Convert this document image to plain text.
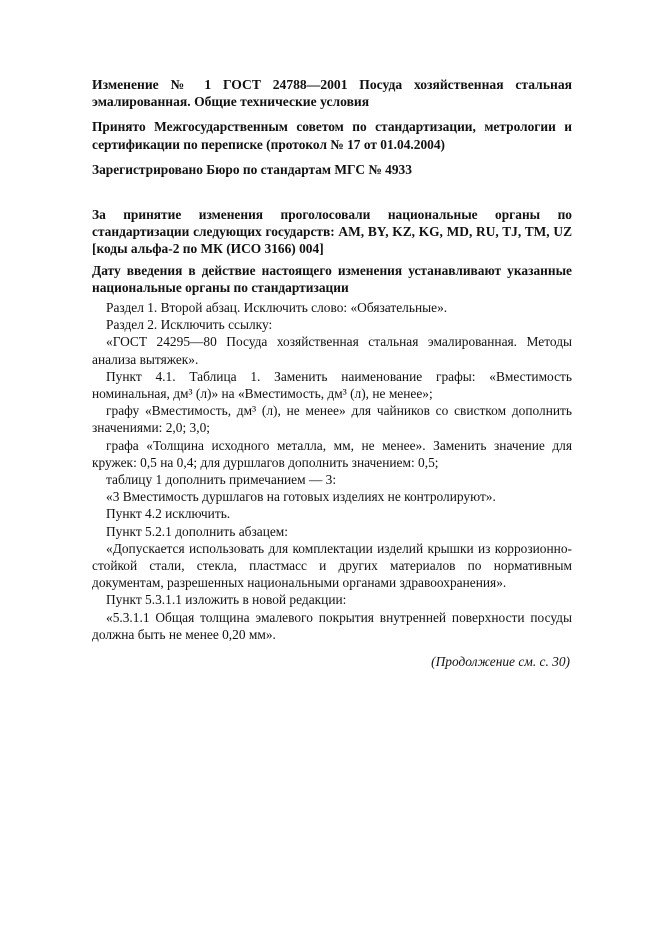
Изменение № 1 ГОСТ 24788—2001 Посуда хозяйственная стальная эмалированная. Общие технические условия

Принято Межгосударственным советом по стандартизации, метрологии и сертификации по переписке (протокол № 17 от 01.04.2004)

Зарегистрировано Бюро по стандартам МГС № 4933

За принятие изменения проголосовали национальные органы по стандартизации следующих государств: AM, BY, KZ, KG, MD, RU, TJ, TM, UZ [коды альфа-2 по МК (ИСО 3166) 004]

Дату введения в действие настоящего изменения устанавливают указанные национальные органы по стандартизации

Раздел 1. Второй абзац. Исключить слово: «Обязательные».

Раздел 2. Исключить ссылку:

«ГОСТ 24295—80 Посуда хозяйственная стальная эмалированная. Методы анализа вытяжек».

Пункт 4.1. Таблица 1. Заменить наименование графы: «Вместимость номинальная, дм³ (л)» на «Вместимость, дм³ (л), не менее»;

графу «Вместимость, дм³ (л), не менее» для чайников со свистком дополнить значениями: 2,0; 3,0;

графа «Толщина исходного металла, мм, не менее». Заменить значение для кружек: 0,5 на 0,4; для дуршлагов дополнить значением: 0,5;

таблицу 1 дополнить примечанием — 3:

«3 Вместимость дуршлагов на готовых изделиях не контролируют».

Пункт 4.2 исключить.

Пункт 5.2.1 дополнить абзацем:

«Допускается использовать для комплектации изделий крышки из коррозионно-стойкой стали, стекла, пластмасс и других материалов по нормативным документам, разрешенных национальными органами здравоохранения».

Пункт 5.3.1.1 изложить в новой редакции:

«5.3.1.1 Общая толщина эмалевого покрытия внутренней поверхности посуды должна быть не менее 0,20 мм».

(Продолжение см. с. 30)
